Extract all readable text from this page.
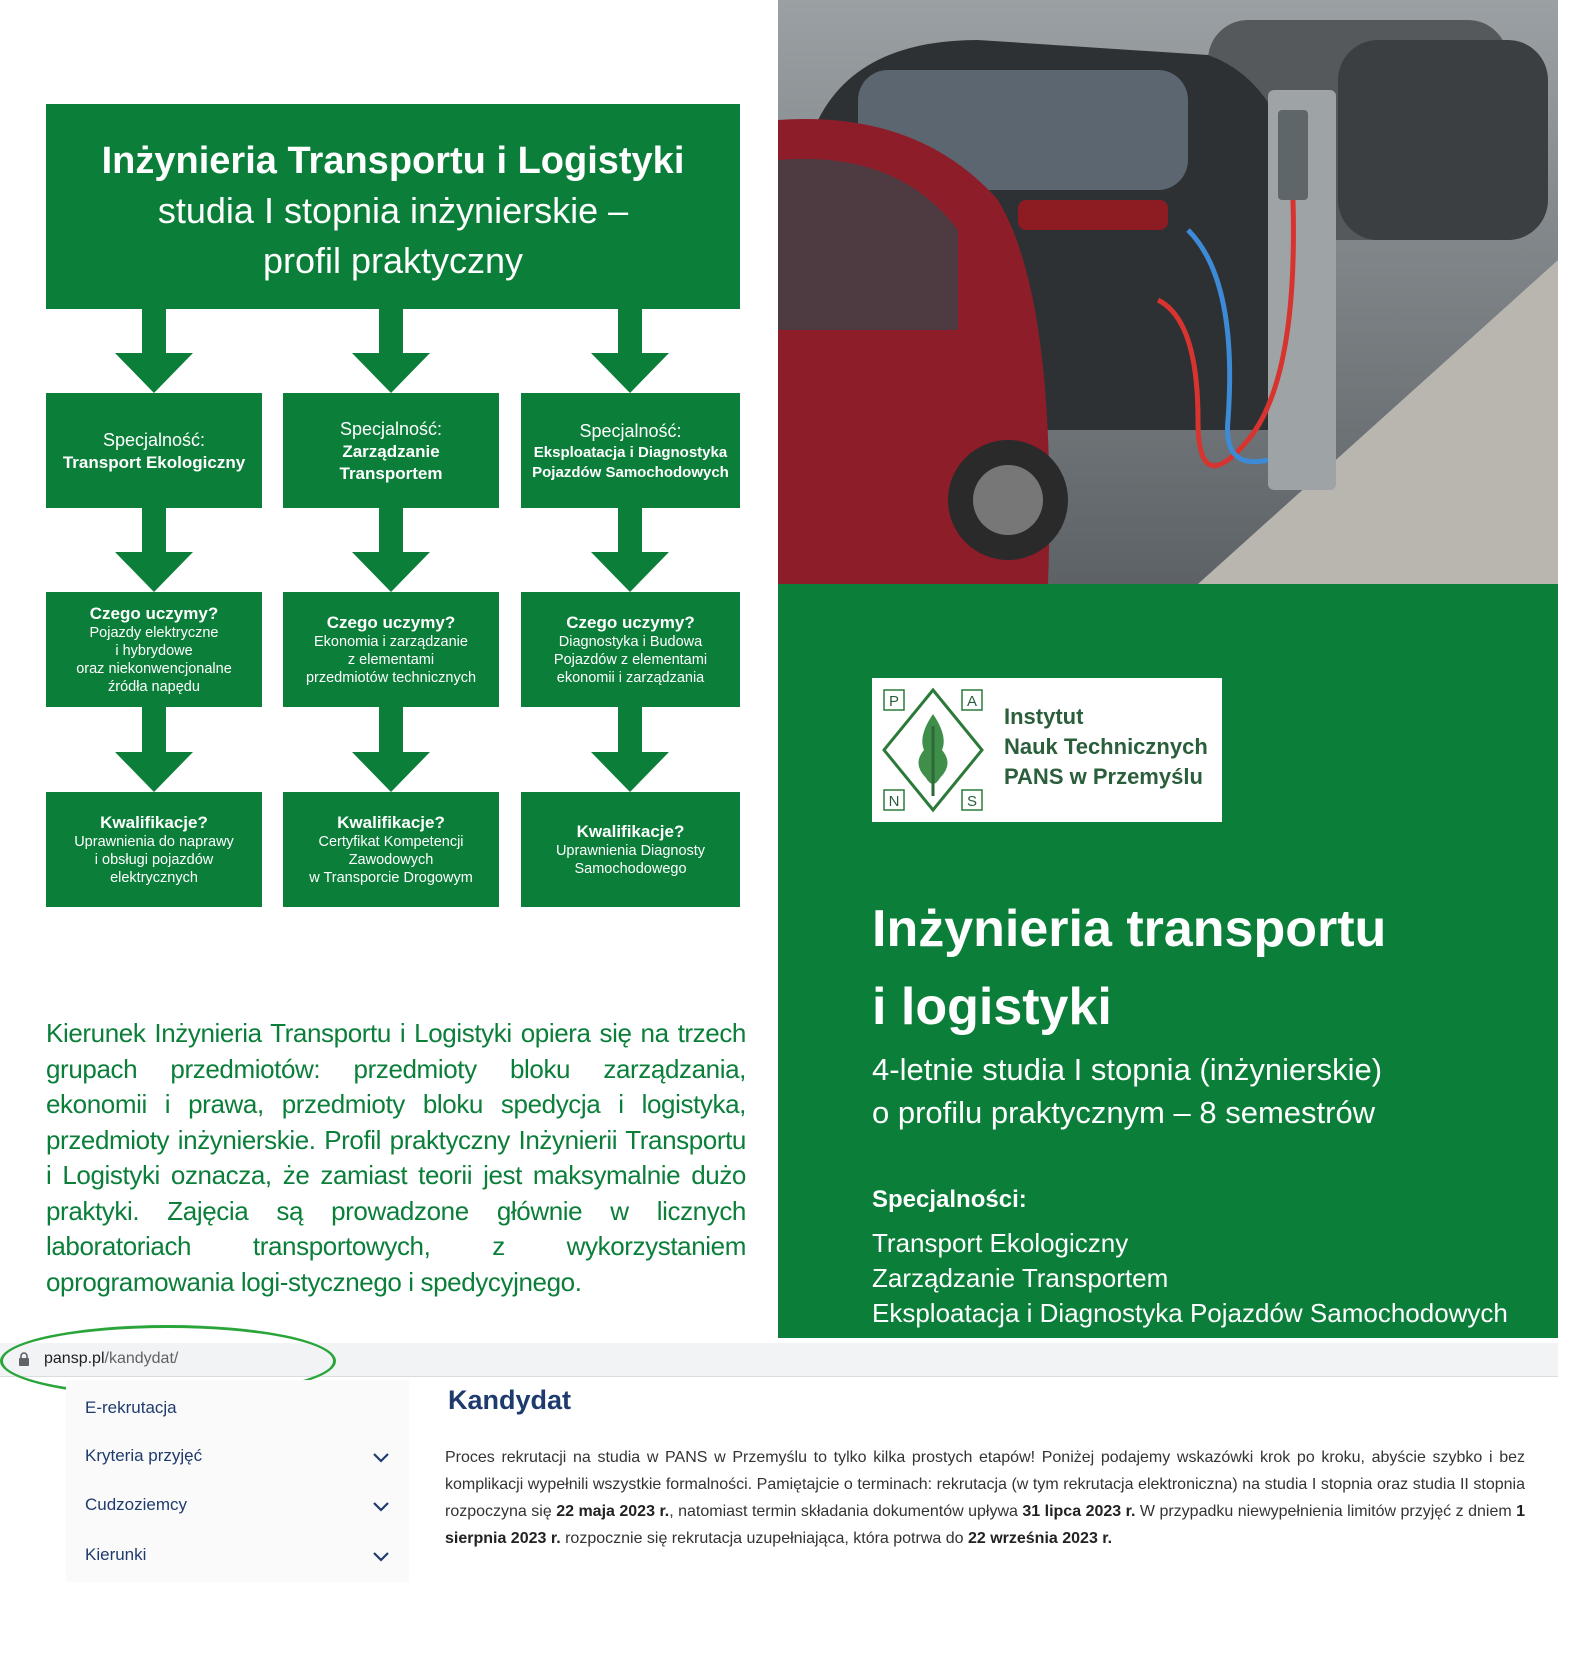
Inżynieria Transportu i Logistyki
studia I stopnia inżynierskie –
profil praktyczny
Specjalność:
Transport Ekologiczny
Specjalność:
Zarządzanie Transportem
Specjalność:
Eksploatacja i Diagnostyka
Pojazdów Samochodowych
Czego uczymy?
Pojazdy elektryczne
i hybrydowe
oraz niekonwencjonalne
źródła napędu
Czego uczymy?
Ekonomia i zarządzanie
z elementami
przedmiotów technicznych
Czego uczymy?
Diagnostyka i Budowa
Pojazdów z elementami
ekonomii i zarządzania
Kwalifikacje?
Uprawnienia do naprawy
i obsługi pojazdów
elektrycznych
Kwalifikacje?
Certyfikat Kompetencji
Zawodowych
w Transporcie Drogowym
Kwalifikacje?
Uprawnienia Diagnosty
Samochodowego
Kierunek Inżynieria Transportu i Logistyki opiera się na trzech grupach przedmiotów: przedmioty bloku zarządzania, ekonomii i prawa, przedmioty bloku spedycja i logistyka, przedmioty inżynierskie. Profil praktyczny Inżynierii Transportu i Logistyki oznacza, że zamiast teorii jest maksymalnie dużo praktyki. Zajęcia są prowadzone głównie w licznych laboratoriach transportowych, z wykorzystaniem oprogramowania logi-stycznego i spedycyjnego.
P	A
N	S
Instytut
Nauk Technicznych
PANS w Przemyślu
Inżynieria transportu
i logistyki
4-letnie studia I stopnia (inżynierskie)
o profilu praktycznym – 8 semestrów
Specjalności:
Transport Ekologiczny
Zarządzanie Transportem
Eksploatacja i Diagnostyka Pojazdów Samochodowych
pansp.pl/kandydat/
E-rekrutacja
Kryteria przyjęć
Cudzoziemcy
Kierunki
Kandydat
Proces rekrutacji na studia w PANS w Przemyślu to tylko kilka prostych etapów! Poniżej podajemy wskazówki krok po kroku, abyście szybko i bez komplikacji wypełnili wszystkie formalności. Pamiętajcie o terminach: rekrutacja (w tym rekrutacja elektroniczna) na studia I stopnia oraz studia II stopnia rozpoczyna się 22 maja 2023 r., natomiast termin składania dokumentów upływa 31 lipca 2023 r. W przypadku niewypełnienia limitów przyjęć z dniem 1 sierpnia 2023 r. rozpocznie się rekrutacja uzupełniająca, która potrwa do 22 września 2023 r.
